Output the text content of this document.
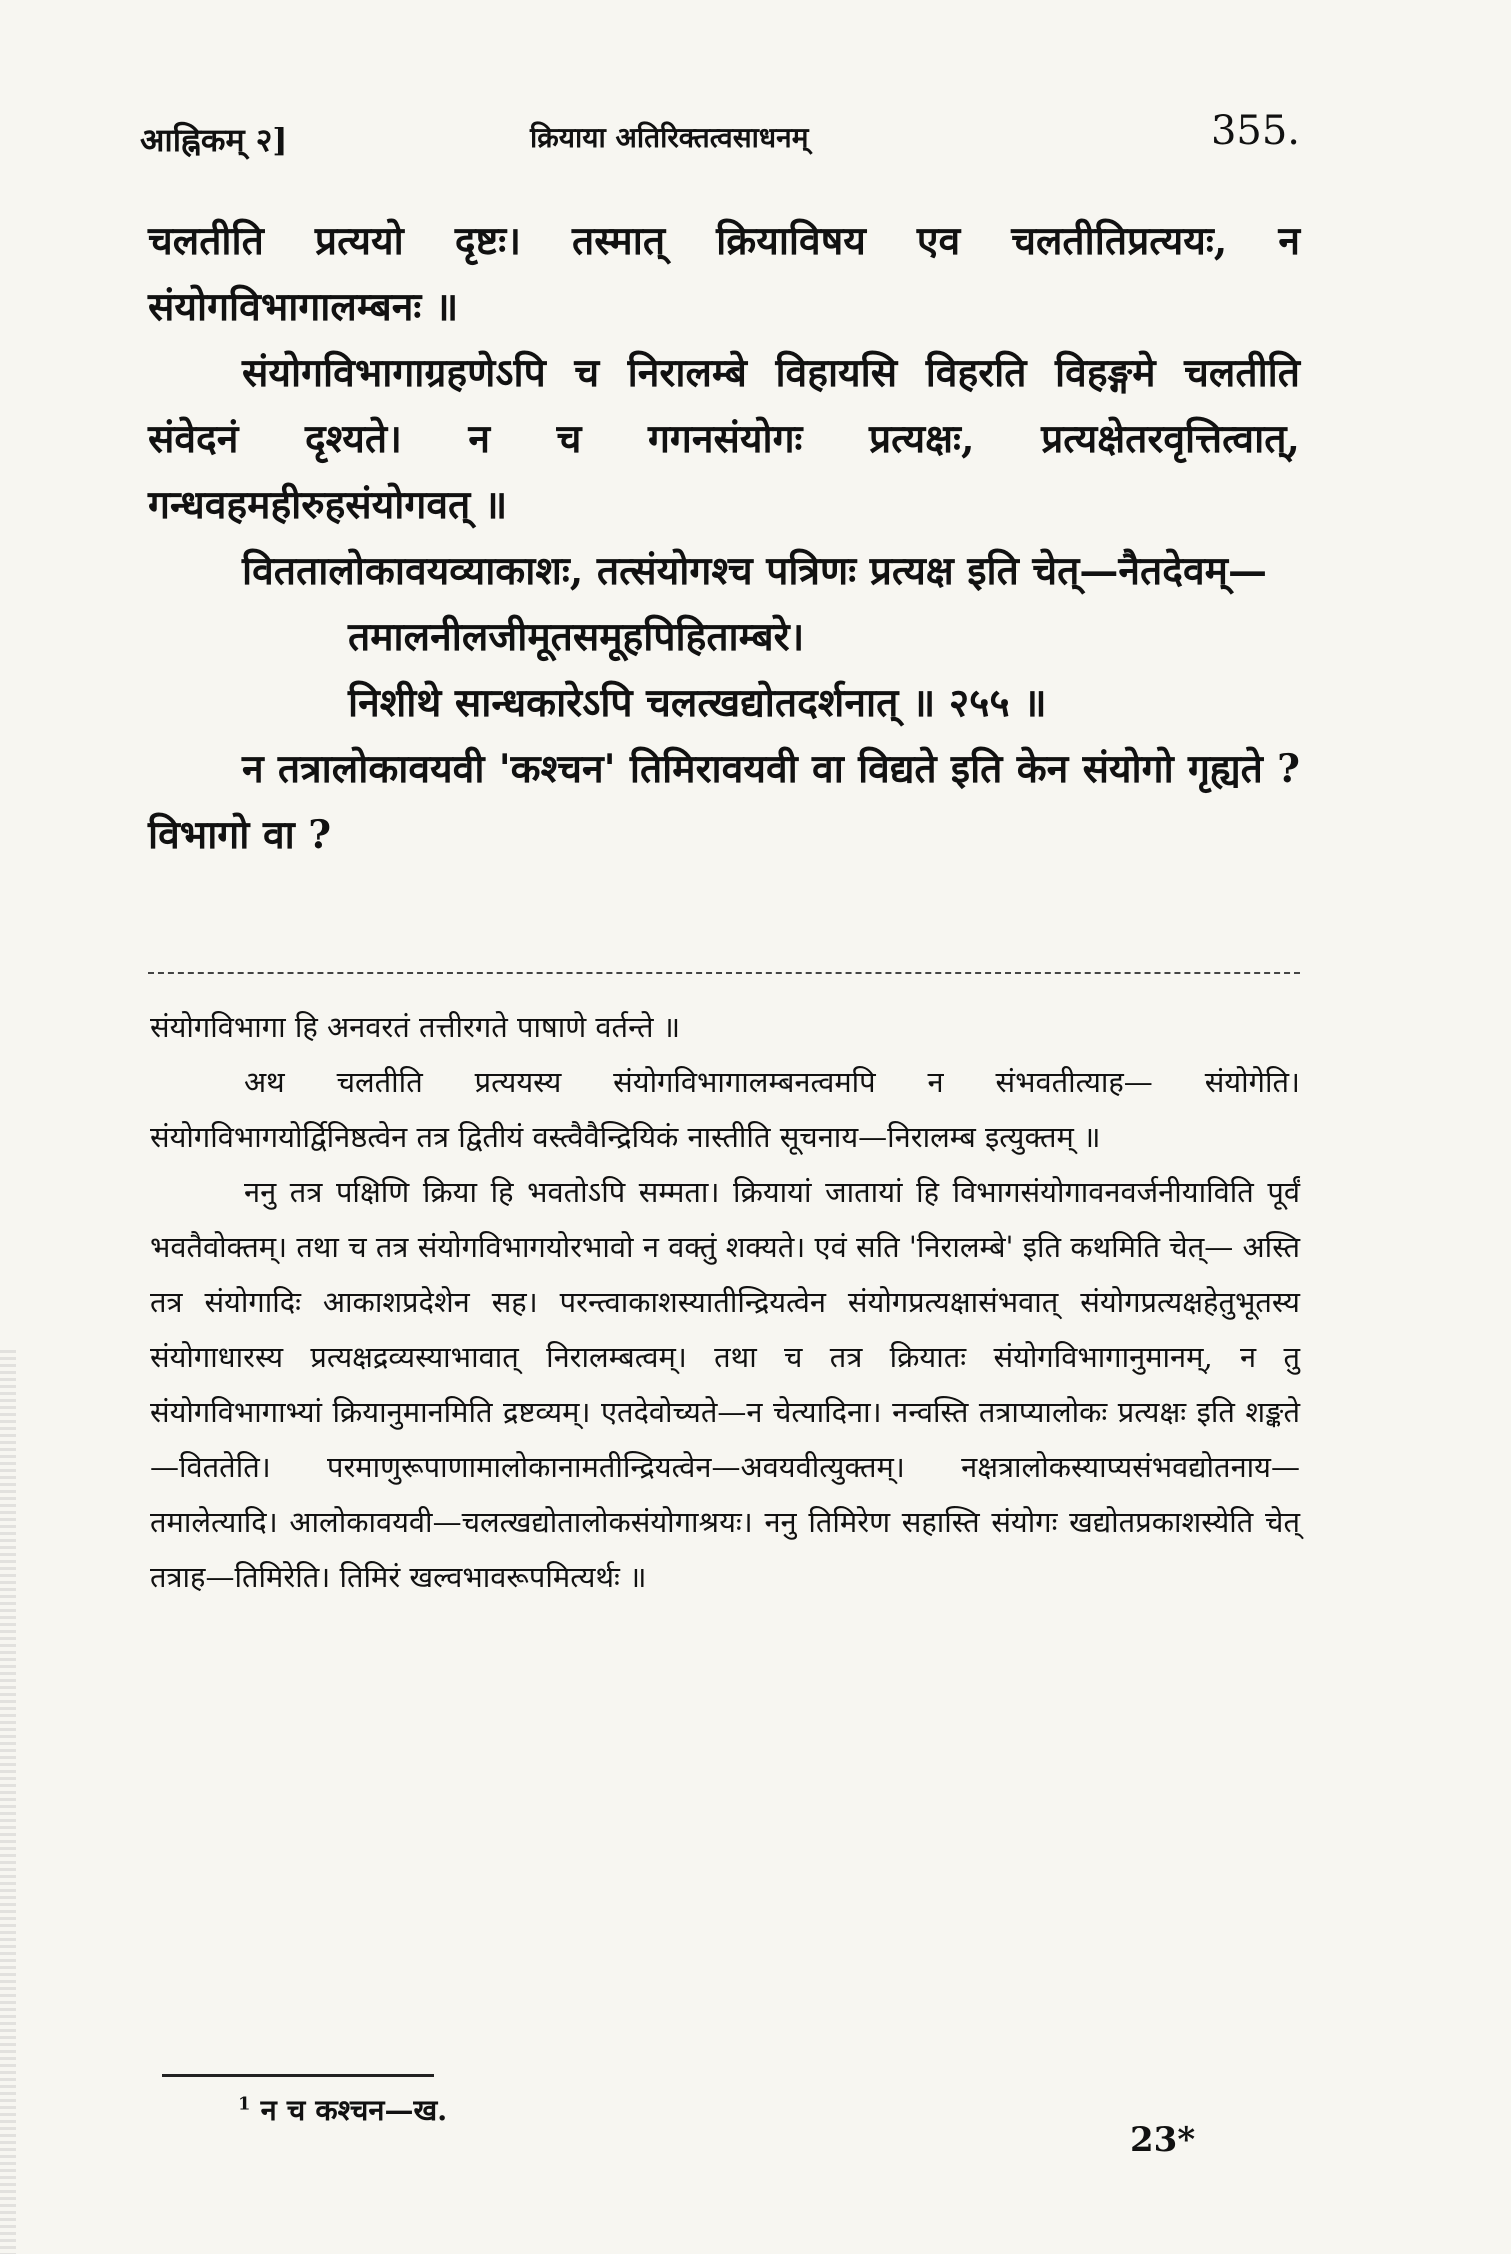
आह्निकम् २]	क्रियाया अतिरिक्तत्वसाधनम्	355.

चलतीति प्रत्ययो दृष्टः। तस्मात् क्रियाविषय एव चलतीतिप्रत्ययः, न संयोगविभागालम्बनः ॥

संयोगविभागाग्रहणेऽपि च निरालम्बे विहायसि विहरति विहङ्गमे चलतीति संवेदनं दृश्यते। न च गगनसंयोगः प्रत्यक्षः, प्रत्यक्षेतरवृत्तित्वात्, गन्धवहमहीरुहसंयोगवत् ॥

विततालोकावयव्याकाशः, तत्संयोगश्च पत्रिणः प्रत्यक्ष इति चेत्—नैतदेवम्—

तमालनीलजीमूतसमूहपिहिताम्बरे।

निशीथे सान्धकारेऽपि चलत्खद्योतदर्शनात् ॥ २५५ ॥

न तत्रालोकावयवी 'कश्चन' तिमिरावयवी वा विद्यते इति केन संयोगो गृह्यते ? विभागो वा ?

संयोगविभागा हि अनवरतं तत्तीरगते पाषाणे वर्तन्ते ॥

अथ चलतीति प्रत्ययस्य संयोगविभागालम्बनत्वमपि न संभवतीत्याह— संयोगेति। संयोगविभागयोर्द्विनिष्ठत्वेन तत्र द्वितीयं वस्त्वैवैन्द्रियिकं नास्तीति सूचनाय—निरालम्ब इत्युक्तम् ॥

ननु तत्र पक्षिणि क्रिया हि भवतोऽपि सम्मता। क्रियायां जातायां हि विभागसंयोगावनवर्जनीयाविति पूर्वं भवतैवोक्तम्। तथा च तत्र संयोगविभागयोरभावो न वक्तुं शक्यते। एवं सति 'निरालम्बे' इति कथमिति चेत्— अस्ति तत्र संयोगादिः आकाशप्रदेशेन सह। परन्त्वाकाशस्यातीन्द्रियत्वेन संयोगप्रत्यक्षासंभवात् संयोगप्रत्यक्षहेतुभूतस्य संयोगाधारस्य प्रत्यक्षद्रव्यस्याभावात् निरालम्बत्वम्। तथा च तत्र क्रियातः संयोगविभागानुमानम्, न तु संयोगविभागाभ्यां क्रियानुमानमिति द्रष्टव्यम्। एतदेवोच्यते—न चेत्यादिना। नन्वस्ति तत्राप्यालोकः प्रत्यक्षः इति शङ्कते—विततेति। परमाणुरूपाणामालोकानामतीन्द्रियत्वेन—अवयवीत्युक्तम्। नक्षत्रालोकस्याप्यसंभवद्योतनाय—तमालेत्यादि। आलोकावयवी—चलत्खद्योतालोकसंयोगाश्रयः। ननु तिमिरेण सहास्ति संयोगः खद्योतप्रकाशस्येति चेत् तत्राह—तिमिरेति। तिमिरं खल्वभावरूपमित्यर्थः ॥

$^1$ न च कश्चन—ख.
23*
